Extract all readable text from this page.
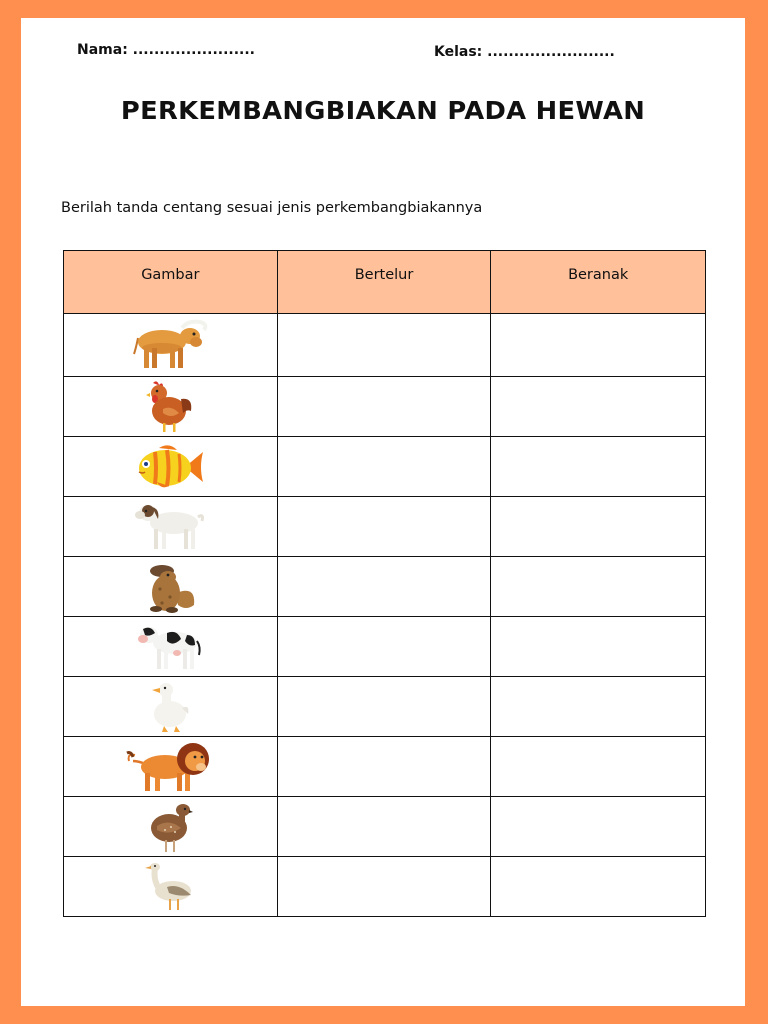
Nama: .......................	Kelas: ........................
PERKEMBANGBIAKAN PADA HEWAN
Berilah tanda centang sesuai jenis perkembangbiakannya
Gambar	Bertelur	Beranak
